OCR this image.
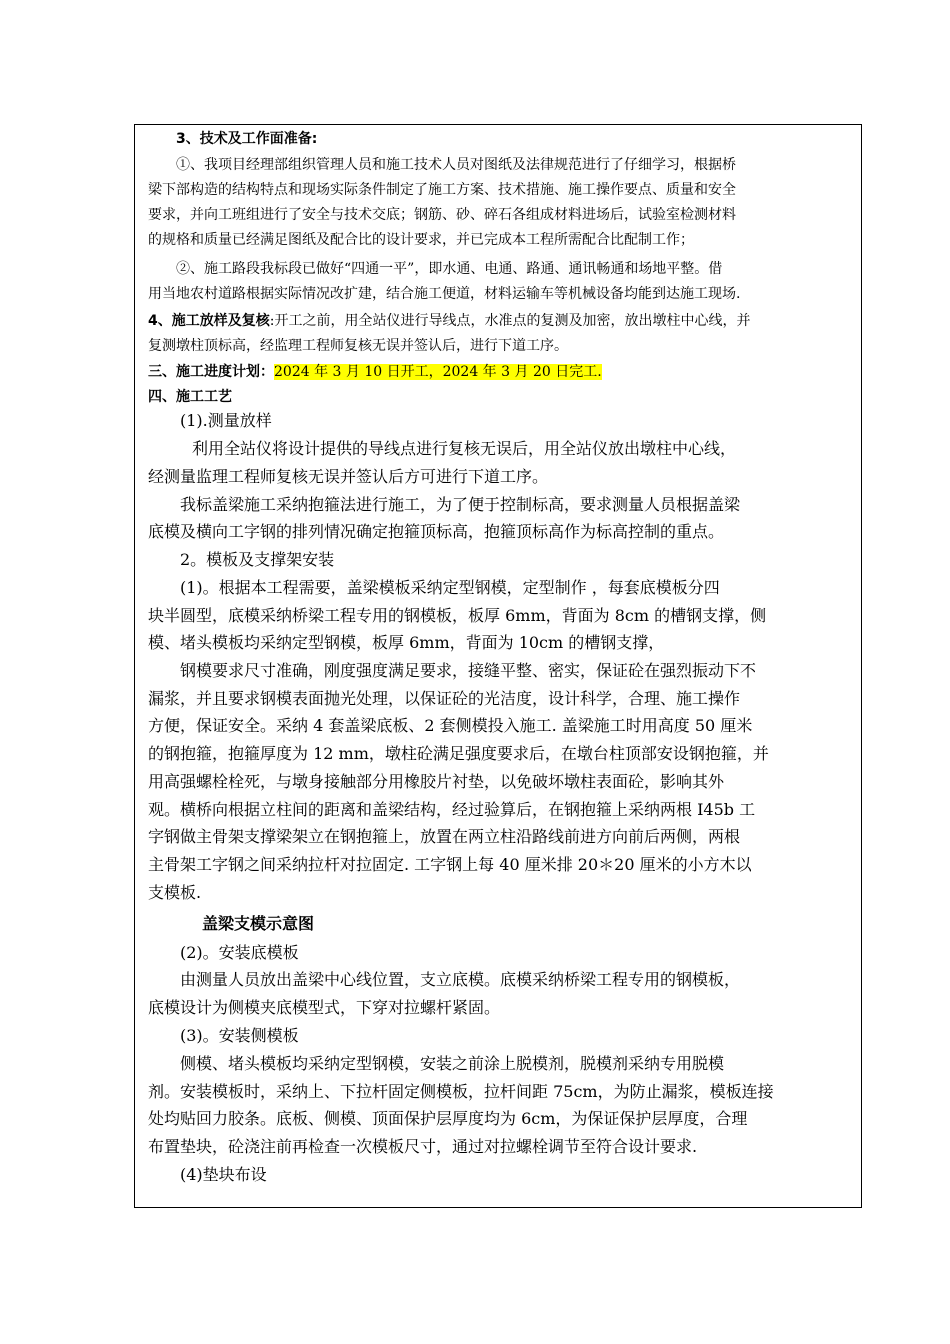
3、技术及工作面准备:
①、我项目经理部组织管理人员和施工技术人员对图纸及法律规范进行了仔细学习，根据桥
梁下部构造的结构特点和现场实际条件制定了施工方案、技术措施、施工操作要点、质量和安全
要求，并向工班组进行了安全与技术交底；钢筋、砂、碎石各组成材料进场后，试验室检测材料
的规格和质量已经满足图纸及配合比的设计要求，并已完成本工程所需配合比配制工作；
②、施工路段我标段已做好“四通一平”，即水通、电通、路通、通讯畅通和场地平整。借
用当地农村道路根据实际情况改扩建，结合施工便道，材料运输车等机械设备均能到达施工现场.
4、施工放样及复核:开工之前，用全站仪进行导线点，水准点的复测及加密，放出墩柱中心线，并
复测墩柱顶标高，经监理工程师复核无误并签认后，进行下道工序。
三、施工进度计划：2024 年 3 月 10 日开工，2024 年 3 月 20 日完工.
四、施工工艺
(1).测量放样
利用全站仪将设计提供的导线点进行复核无误后，用全站仪放出墩柱中心线，
经测量监理工程师复核无误并签认后方可进行下道工序。
我标盖梁施工采纳抱箍法进行施工，为了便于控制标高，要求测量人员根据盖梁
底模及横向工字钢的排列情况确定抱箍顶标高，抱箍顶标高作为标高控制的重点。
2。模板及支撑架安装
(1)。根据本工程需要，盖梁模板采纳定型钢模，定型制作 ，每套底模板分四
块半圆型，底模采纳桥梁工程专用的钢模板，板厚 6mm，背面为 8cm 的槽钢支撑，侧
模、堵头模板均采纳定型钢模，板厚 6mm，背面为 10cm 的槽钢支撑，
钢模要求尺寸准确，刚度强度满足要求，接缝平整、密实，保证砼在强烈振动下不
漏浆，并且要求钢模表面抛光处理，以保证砼的光洁度，设计科学，合理、施工操作
方便，保证安全。采纳 4 套盖梁底板、2 套侧模投入施工. 盖梁施工时用高度 50 厘米
的钢抱箍，抱箍厚度为 12 mm，墩柱砼满足强度要求后，在墩台柱顶部安设钢抱箍，并
用高强螺栓栓死，与墩身接触部分用橡胶片衬垫，以免破坏墩柱表面砼，影响其外
观。横桥向根据立柱间的距离和盖梁结构，经过验算后，在钢抱箍上采纳两根 I45b 工
字钢做主骨架支撑梁架立在钢抱箍上，放置在两立柱沿路线前进方向前后两侧，两根
主骨架工字钢之间采纳拉杆对拉固定. 工字钢上每 40 厘米排 20＊20 厘米的小方木以
支模板.
盖梁支模示意图
(2)。安装底模板
由测量人员放出盖梁中心线位置，支立底模。底模采纳桥梁工程专用的钢模板，
底模设计为侧模夹底模型式，下穿对拉螺杆紧固。
(3)。安装侧模板
侧模、堵头模板均采纳定型钢模，安装之前涂上脱模剂，脱模剂采纳专用脱模
剂。安装模板时，采纳上、下拉杆固定侧模板，拉杆间距 75cm，为防止漏浆，模板连接
处均贴回力胶条。底板、侧模、顶面保护层厚度均为 6cm，为保证保护层厚度，合理
布置垫块，砼浇注前再检查一次模板尺寸，通过对拉螺栓调节至符合设计要求.
(4)垫块布设
